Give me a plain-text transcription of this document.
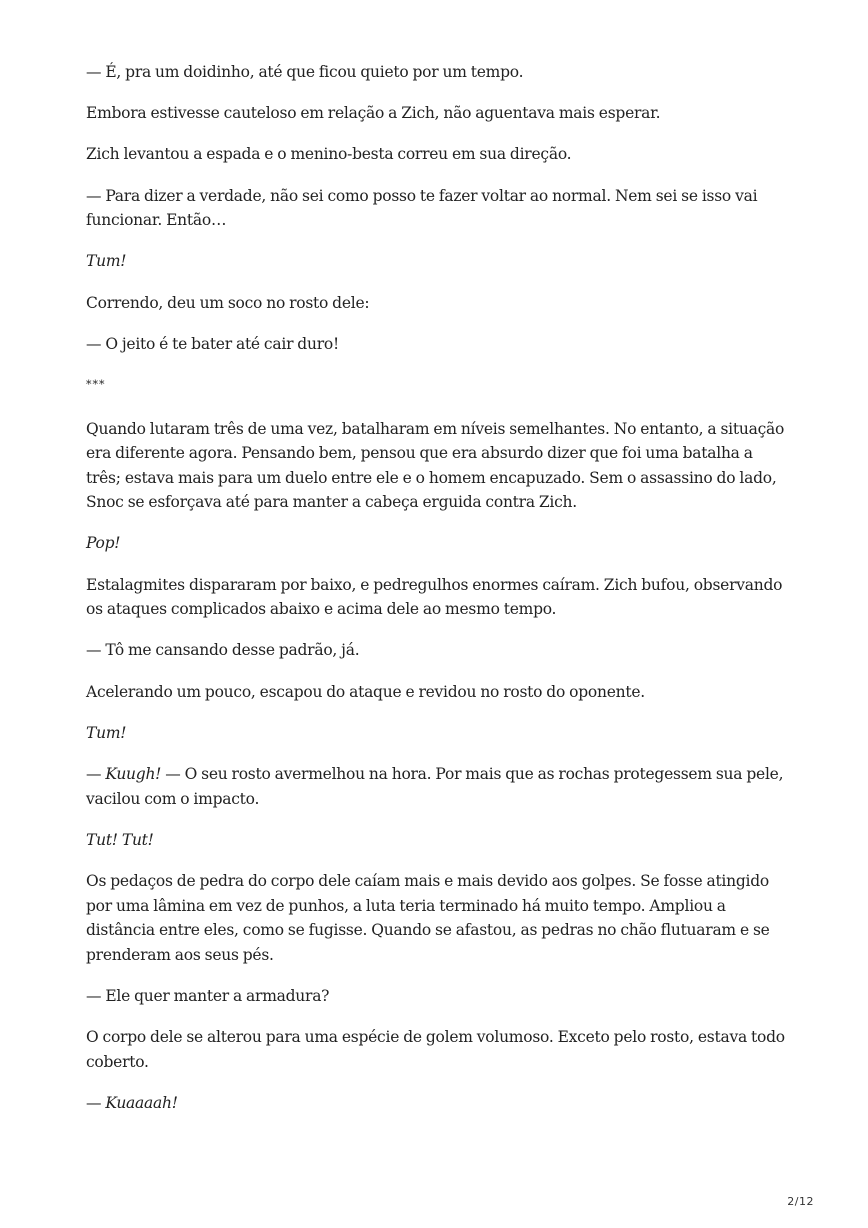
— É, pra um doidinho, até que ficou quieto por um tempo.

Embora estivesse cauteloso em relação a Zich, não aguentava mais esperar.

Zich levantou a espada e o menino-besta correu em sua direção.

— Para dizer a verdade, não sei como posso te fazer voltar ao normal. Nem sei se isso vai funcionar. Então…

Tum!

Correndo, deu um soco no rosto dele:

— O jeito é te bater até cair duro!

***

Quando lutaram três de uma vez, batalharam em níveis semelhantes. No entanto, a situação era diferente agora. Pensando bem, pensou que era absurdo dizer que foi uma batalha a três; estava mais para um duelo entre ele e o homem encapuzado. Sem o assassino do lado, Snoc se esforçava até para manter a cabeça erguida contra Zich.

Pop!

Estalagmites dispararam por baixo, e pedregulhos enormes caíram. Zich bufou, observando os ataques complicados abaixo e acima dele ao mesmo tempo.

— Tô me cansando desse padrão, já.

Acelerando um pouco, escapou do ataque e revidou no rosto do oponente.

Tum!

— Kuugh! — O seu rosto avermelhou na hora. Por mais que as rochas protegessem sua pele, vacilou com o impacto.

Tut! Tut!

Os pedaços de pedra do corpo dele caíam mais e mais devido aos golpes. Se fosse atingido por uma lâmina em vez de punhos, a luta teria terminado há muito tempo. Ampliou a distância entre eles, como se fugisse. Quando se afastou, as pedras no chão flutuaram e se prenderam aos seus pés.

— Ele quer manter a armadura?

O corpo dele se alterou para uma espécie de golem volumoso. Exceto pelo rosto, estava todo coberto.

— Kuaaaah!

2/12
